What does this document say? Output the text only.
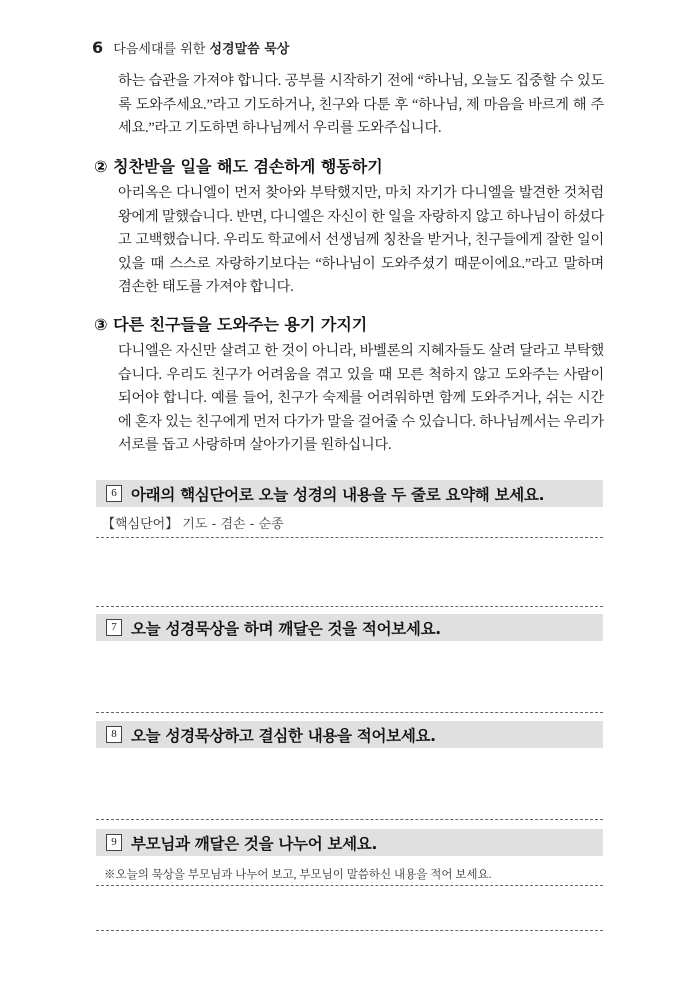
6 다음세대를 위한 성경말씀 묵상
하는 습관을 가져야 합니다. 공부를 시작하기 전에 “하나님, 오늘도 집중할 수 있도록 도와주세요.”라고 기도하거나, 친구와 다툰 후 “하나님, 제 마음을 바르게 해 주세요.”라고 기도하면 하나님께서 우리를 도와주십니다.
② 칭찬받을 일을 해도 겸손하게 행동하기
아리옥은 다니엘이 먼저 찾아와 부탁했지만, 마치 자기가 다니엘을 발견한 것처럼 왕에게 말했습니다. 반면, 다니엘은 자신이 한 일을 자랑하지 않고 하나님이 하셨다고 고백했습니다. 우리도 학교에서 선생님께 칭찬을 받거나, 친구들에게 잘한 일이 있을 때 스스로 자랑하기보다는 “하나님이 도와주셨기 때문이에요.”라고 말하며 겸손한 태도를 가져야 합니다.
③ 다른 친구들을 도와주는 용기 가지기
다니엘은 자신만 살려고 한 것이 아니라, 바벨론의 지혜자들도 살려 달라고 부탁했습니다. 우리도 친구가 어려움을 겪고 있을 때 모른 척하지 않고 도와주는 사람이 되어야 합니다. 예를 들어, 친구가 숙제를 어려워하면 함께 도와주거나, 쉬는 시간에 혼자 있는 친구에게 먼저 다가가 말을 걸어줄 수 있습니다. 하나님께서는 우리가 서로를 돕고 사랑하며 살아가기를 원하십니다.
6 아래의 핵심단어로 오늘 성경의 내용을 두 줄로 요약해 보세요.
【핵심단어】 기도 - 겸손 - 순종
7 오늘 성경묵상을 하며 깨달은 것을 적어보세요.
8 오늘 성경묵상하고 결심한 내용을 적어보세요.
9 부모님과 깨달은 것을 나누어 보세요.
※오늘의 묵상을 부모님과 나누어 보고, 부모님이 말씀하신 내용을 적어 보세요.
